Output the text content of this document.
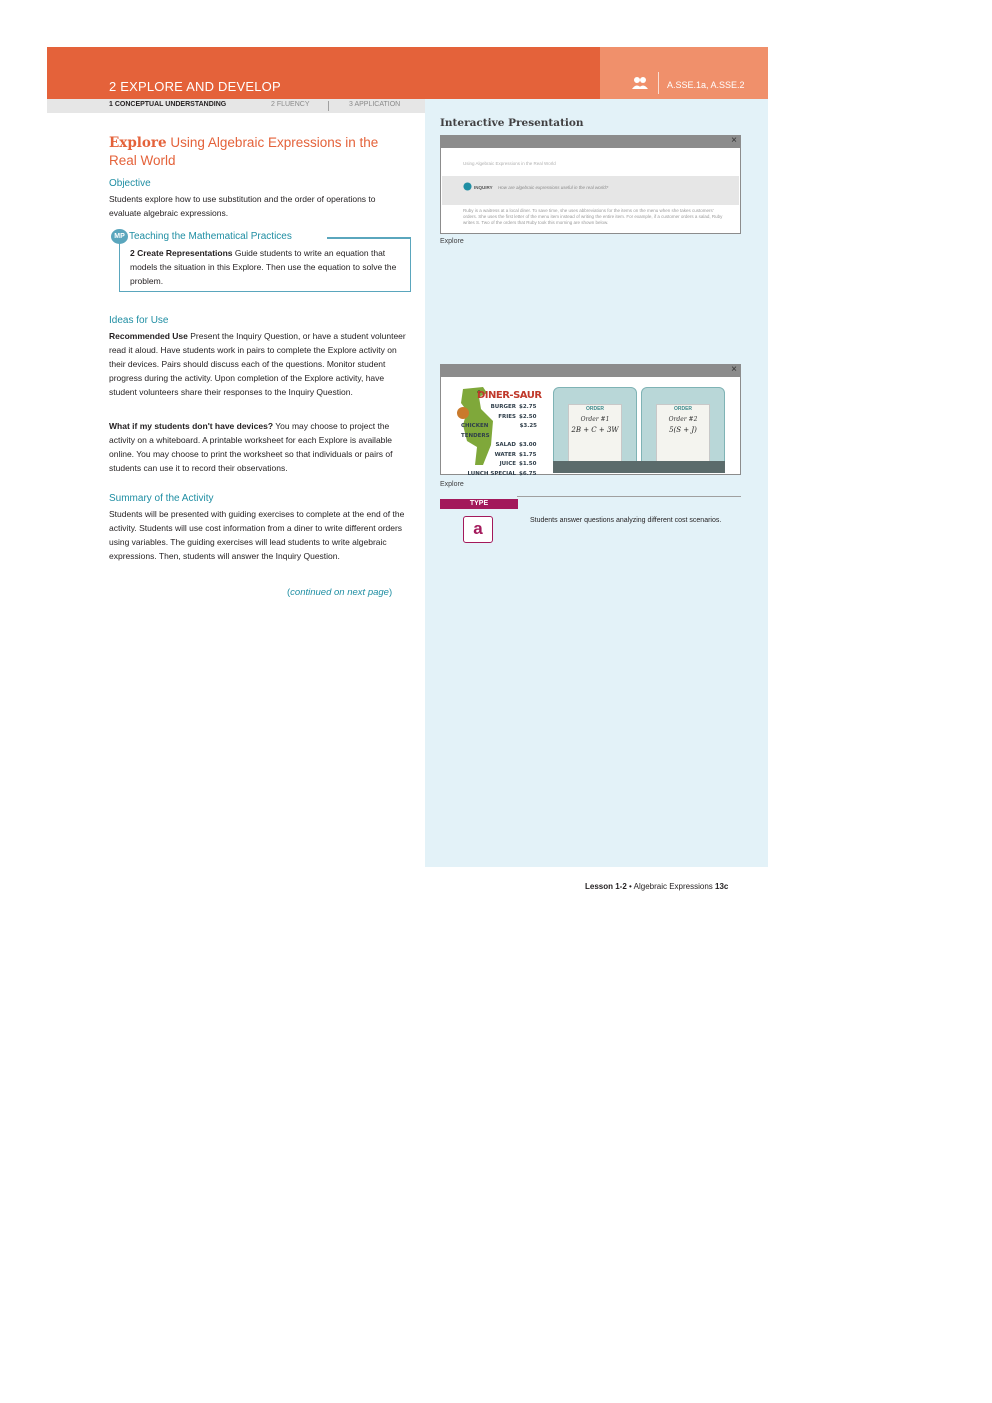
2 EXPLORE AND DEVELOP	A.SSE.1a, A.SSE.2
1 CONCEPTUAL UNDERSTANDING	2 FLUENCY	3 APPLICATION
Explore Using Algebraic Expressions in the Real World
Objective
Students explore how to use substitution and the order of operations to evaluate algebraic expressions.
MP Teaching the Mathematical Practices
2 Create Representations Guide students to write an equation that models the situation in this Explore. Then use the equation to solve the problem.
Ideas for Use
Recommended Use Present the Inquiry Question, or have a student volunteer read it aloud. Have students work in pairs to complete the Explore activity on their devices. Pairs should discuss each of the questions. Monitor student progress during the activity. Upon completion of the Explore activity, have student volunteers share their responses to the Inquiry Question.
What if my students don't have devices? You may choose to project the activity on a whiteboard. A printable worksheet for each Explore is available online. You may choose to print the worksheet so that individuals or pairs of students can use it to record their observations.
Summary of the Activity
Students will be presented with guiding exercises to complete at the end of the activity. Students will use cost information from a diner to write different orders using variables. The guiding exercises will lead students to write algebraic expressions. Then, students will answer the Inquiry Question.
(continued on next page)
Interactive Presentation
×
Using Algebraic Expressions in the Real World
INQUIRY How are algebraic expressions useful in the real world?
Ruby is a waitress at a local diner. To save time, she uses abbreviations for the items on the menu when she takes customers' orders. She uses the first letter of the menu item instead of writing the entire item. For example, if a customer orders a salad, Ruby writes S. Two of the orders that Ruby took this morning are shown below.
Explore
×
DINER-SAUR
BURGER $2.75
FRIES $2.50
CHICKEN TENDERS
$3.25
SALAD $3.00
WATER $1.75
JUICE $1.50
LUNCH SPECIAL $6.75
ORDER
Order #1
2B + C + 3W
ORDER
Order #2
5(S + J)
Explore
TYPE
a	Students answer questions analyzing different cost scenarios.
Lesson 1-2 • Algebraic Expressions 13c
